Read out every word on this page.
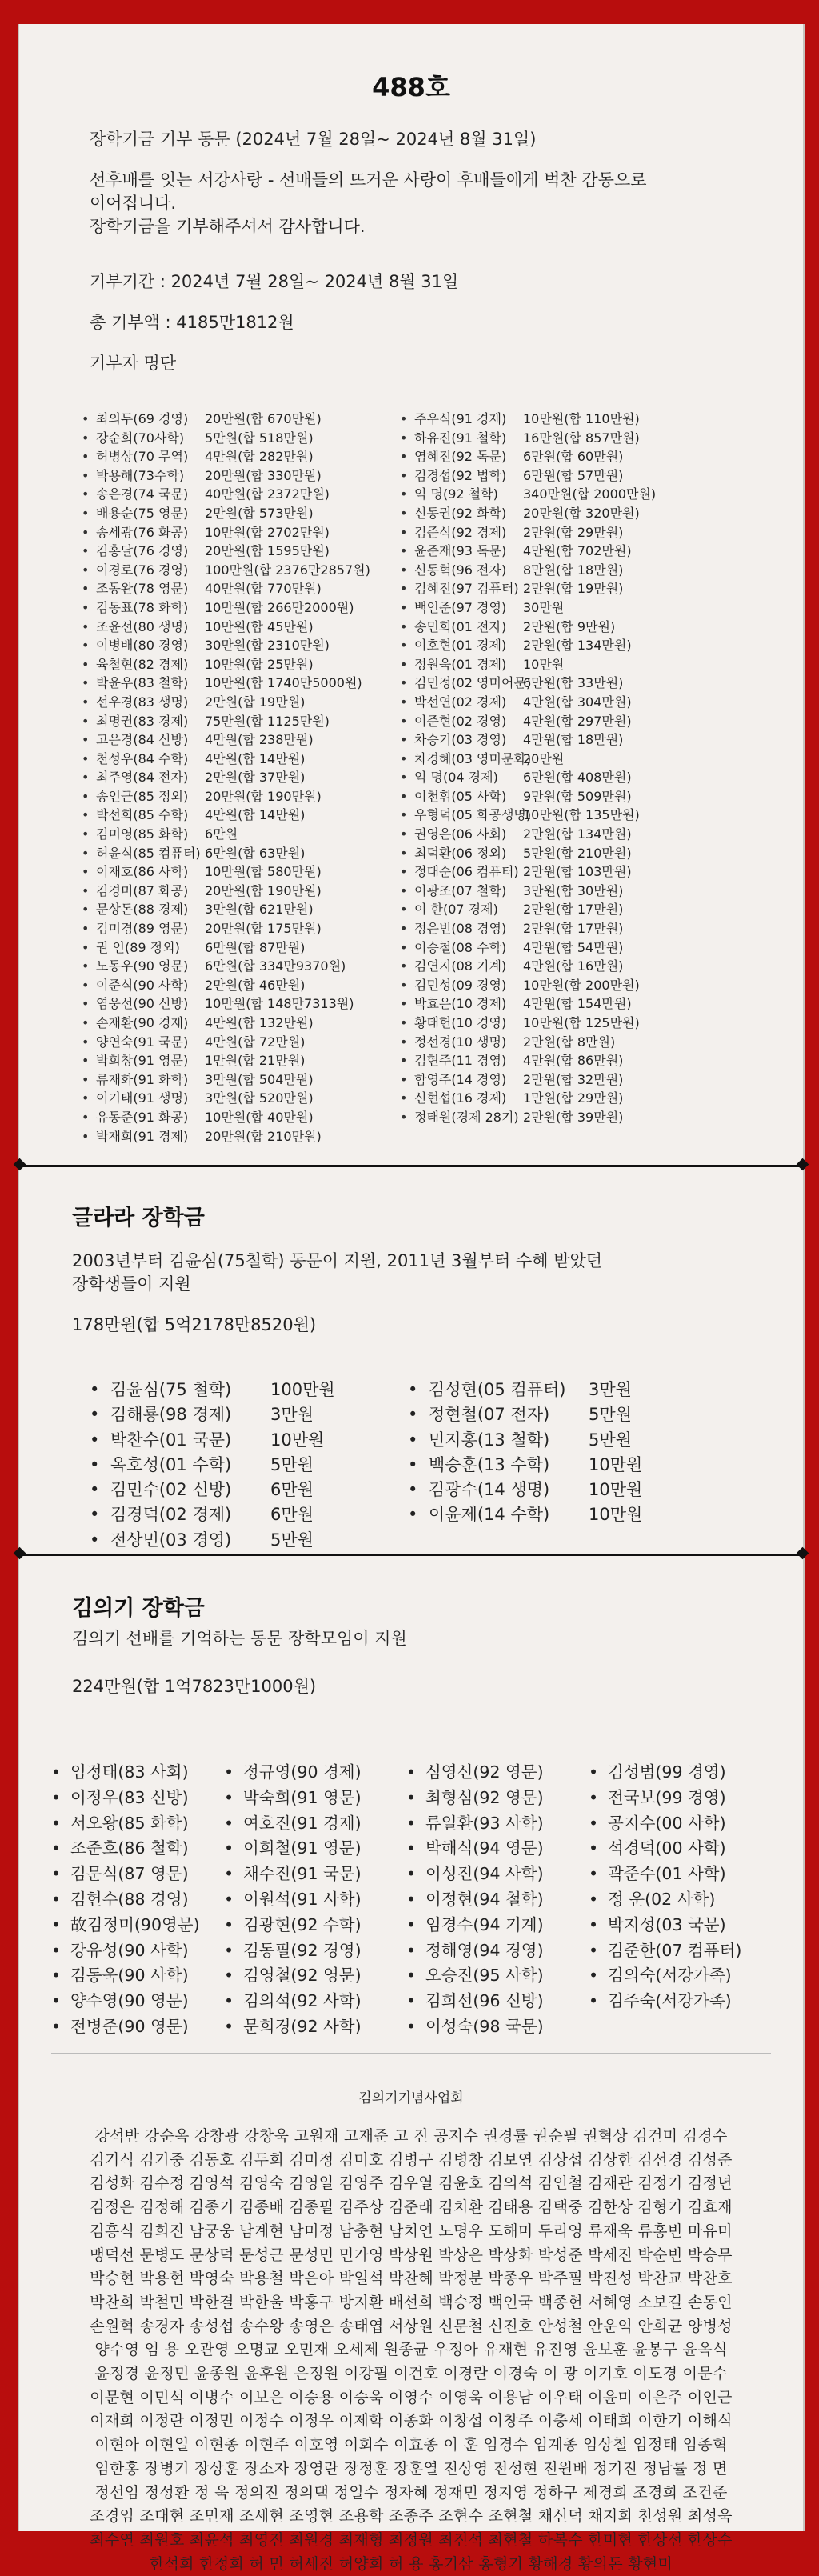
488호

장학기금 기부 동문 (2024년 7월 28일~ 2024년 8월 31일)

선후배를 잇는 서강사랑 - 선배들의 뜨거운 사랑이 후배들에게 벅찬 감동으로
이어집니다.
장학기금을 기부해주셔서 감사합니다.

기부기간 : 2024년 7월 28일~ 2024년 8월 31일

총 기부액 : 4185만1812원

기부자 명단

• 최의두(69 경영) 20만원(합 670만원)
• 강순희(70사학) 5만원(합 518만원)
• 허병상(70 무역) 4만원(합 282만원)
• 박용해(73수학) 20만원(합 330만원)
• 송은경(74 국문) 40만원(합 2372만원)
• 배용순(75 영문) 2만원(합 573만원)
• 송세광(76 화공) 10만원(합 2702만원)
• 김홍달(76 경영) 20만원(합 1595만원)
• 이경로(76 경영) 100만원(합 2376만2857원)
• 조동완(78 영문) 40만원(합 770만원)
• 김동표(78 화학) 10만원(합 266만2000원)
• 조윤선(80 생명) 10만원(합 45만원)
• 이병배(80 경영) 30만원(합 2310만원)
• 육철현(82 경제) 10만원(합 25만원)
• 박윤우(83 철학) 10만원(합 1740만5000원)
• 선우경(83 생명) 2만원(합 19만원)
• 최명권(83 경제) 75만원(합 1125만원)
• 고은경(84 신방) 4만원(합 238만원)
• 천성우(84 수학) 4만원(합 14만원)
• 최주영(84 전자) 2만원(합 37만원)
• 송인근(85 정외) 20만원(합 190만원)
• 박선희(85 수학) 4만원(합 14만원)
• 김미영(85 화학) 6만원
• 허윤식(85 컴퓨터) 6만원(합 63만원)
• 이재호(86 사학) 10만원(합 580만원)
• 김경미(87 화공) 20만원(합 190만원)
• 문상돈(88 경제) 3만원(합 621만원)
• 김미경(89 영문) 20만원(합 175만원)
• 권 인(89 정외) 6만원(합 87만원)
• 노동우(90 영문) 6만원(합 334만9370원)
• 이준식(90 사학) 2만원(합 46만원)
• 염웅선(90 신방) 10만원(합 148만7313원)
• 손재환(90 경제) 4만원(합 132만원)
• 양연숙(91 국문) 4만원(합 72만원)
• 박희창(91 영문) 1만원(합 21만원)
• 류재화(91 화학) 3만원(합 504만원)
• 이기태(91 생명) 3만원(합 520만원)
• 유동준(91 화공) 10만원(합 40만원)
• 박재희(91 경제) 20만원(합 210만원)
• 주우식(91 경제) 10만원(합 110만원)
• 하유진(91 철학) 16만원(합 857만원)
• 염혜진(92 독문) 6만원(합 60만원)
• 김경섭(92 법학) 6만원(합 57만원)
• 익 명(92 철학) 340만원(합 2000만원)
• 신동권(92 화학) 20만원(합 320만원)
• 김준식(92 경제) 2만원(합 29만원)
• 윤준재(93 독문) 4만원(합 702만원)
• 신동혁(96 전자) 8만원(합 18만원)
• 김혜진(97 컴퓨터) 2만원(합 19만원)
• 백인준(97 경영) 30만원
• 송민희(01 전자) 2만원(합 9만원)
• 이호현(01 경제) 2만원(합 134만원)
• 정원욱(01 경제) 10만원
• 김민정(02 영미어문)6만원(합 33만원)
• 박선연(02 경제) 4만원(합 304만원)
• 이준현(02 경영) 4만원(합 297만원)
• 차승기(03 경영) 4만원(합 18만원)
• 차경혜(03 영미문화)20만원
• 익 명(04 경제) 6만원(합 408만원)
• 이천휘(05 사학) 9만원(합 509만원)
• 우형덕(05 화공생명)10만원(합 135만원)
• 권영은(06 사회) 2만원(합 134만원)
• 최덕환(06 정외) 5만원(합 210만원)
• 정대순(06 컴퓨터) 2만원(합 103만원)
• 이광조(07 철학) 3만원(합 30만원)
• 이 한(07 경제) 2만원(합 17만원)
• 정은빈(08 경영) 2만원(합 17만원)
• 이승철(08 수학) 4만원(합 54만원)
• 김연지(08 기계) 4만원(합 16만원)
• 김민성(09 경영) 10만원(합 200만원)
• 박효은(10 경제) 4만원(합 154만원)
• 황태헌(10 경영) 10만원(합 125만원)
• 정선경(10 생명) 2만원(합 8만원)
• 김현주(11 경영) 4만원(합 86만원)
• 함영주(14 경영) 2만원(합 32만원)
• 신현섭(16 경제) 1만원(합 29만원)
• 정태원(경제 28기) 2만원(합 39만원)
글라라 장학금
2003년부터 김윤심(75철학) 동문이 지원, 2011년 3월부터 수혜 받았던
장학생들이 지원
178만원(합 5억2178만8520원)
• 김윤심(75 철학) 100만원
• 김해룡(98 경제) 3만원
• 박찬수(01 국문) 10만원
• 옥호성(01 수학) 5만원
• 김민수(02 신방) 6만원
• 김경덕(02 경제) 6만원
• 전상민(03 경영) 5만원
• 김성현(05 컴퓨터) 3만원
• 정현철(07 전자) 5만원
• 민지홍(13 철학) 5만원
• 백승훈(13 수학) 10만원
• 김광수(14 생명) 10만원
• 이윤제(14 수학) 10만원
김의기 장학금
김의기 선배를 기억하는 동문 장학모임이 지원
224만원(합 1억7823만1000원)
• 임정태(83 사회)
• 이정우(83 신방)
• 서오왕(85 화학)
• 조준호(86 철학)
• 김문식(87 영문)
• 김헌수(88 경영)
• 故김정미(90영문)
• 강유성(90 사학)
• 김동욱(90 사학)
• 양수영(90 영문)
• 전병준(90 영문)
• 정규영(90 경제)
• 박숙희(91 영문)
• 여호진(91 경제)
• 이희철(91 영문)
• 채수진(91 국문)
• 이원석(91 사학)
• 김광현(92 수학)
• 김동필(92 경영)
• 김영철(92 영문)
• 김의석(92 사학)
• 문희경(92 사학)
• 심영신(92 영문)
• 최형심(92 영문)
• 류일환(93 사학)
• 박해식(94 영문)
• 이성진(94 사학)
• 이정현(94 철학)
• 임경수(94 기계)
• 정해영(94 경영)
• 오승진(95 사학)
• 김희선(96 신방)
• 이성숙(98 국문)
• 김성범(99 경영)
• 전국보(99 경영)
• 공지수(00 사학)
• 석경덕(00 사학)
• 곽준수(01 사학)
• 정 운(02 사학)
• 박지성(03 국문)
• 김준한(07 컴퓨터)
• 김의숙(서강가족)
• 김주숙(서강가족)
김의기기념사업회
강석반 강순옥 강창광 강창욱 고원재 고재준 고 진 공지수 권경률 권순필 권혁상 김건미 김경수
김기식 김기중 김동호 김두희 김미정 김미호 김병구 김병창 김보연 김상섭 김상한 김선경 김성준
김성화 김수정 김영석 김영숙 김영일 김영주 김우열 김윤호 김의석 김인철 김재관 김정기 김정년
김정은 김정해 김종기 김종배 김종필 김주상 김준래 김치환 김태용 김택중 김한상 김형기 김효재
김흥식 김희진 남궁웅 남계현 남미정 남충현 남치연 노명우 도해미 두리영 류재욱 류홍빈 마유미
맹덕선 문병도 문상덕 문성근 문성민 민가영 박상원 박상은 박상화 박성준 박세진 박순빈 박승무
박승현 박용현 박영숙 박용철 박은아 박일석 박찬혜 박정분 박종우 박주필 박진성 박찬교 박찬호
박찬희 박철민 박한결 박한울 박홍구 방지환 배선희 백승정 백인국 백종헌 서혜영 소보길 손동인
손원혁 송경자 송성섭 송수왕 송영은 송태엽 서상원 신문철 신진호 안성철 안운익 안희균 양병성
양수영 엄 용 오관영 오명교 오민재 오세제 원종균 우정아 유재현 유진영 윤보훈 윤봉구 윤옥식
윤정경 윤정민 윤종원 윤후원 은정원 이강필 이건호 이경란 이경숙 이 광 이기호 이도경 이문수
이문현 이민석 이병수 이보은 이승용 이승욱 이영수 이영욱 이용남 이우태 이윤미 이은주 이인근
이재희 이정란 이정민 이정수 이정우 이제학 이종화 이창섭 이창주 이충세 이태희 이한기 이해식
이현아 이현일 이현종 이현주 이호영 이회수 이효종 이 훈 임경수 임계종 임상철 임정태 임종혁
임한홍 장병기 장상훈 장소자 장영란 장정훈 장훈열 전상영 전성현 전원배 정기진 정남률 정 면
정선임 정성환 정 욱 정의진 정의택 정일수 정자혜 정재민 정지영 정하구 제경희 조경희 조건준
조경임 조대현 조민재 조세현 조영현 조용학 조종주 조현수 조현철 채신덕 채지희 천성원 최성욱
최수연 최원호 최윤석 최영진 최원경 최재형 최정원 최진석 최현철 하복수 한미현 한상선 한상수
한석희 한정희 허 민 허세진 허양희 허 용 홍기삼 홍형기 황해경 황의돈 황현미
